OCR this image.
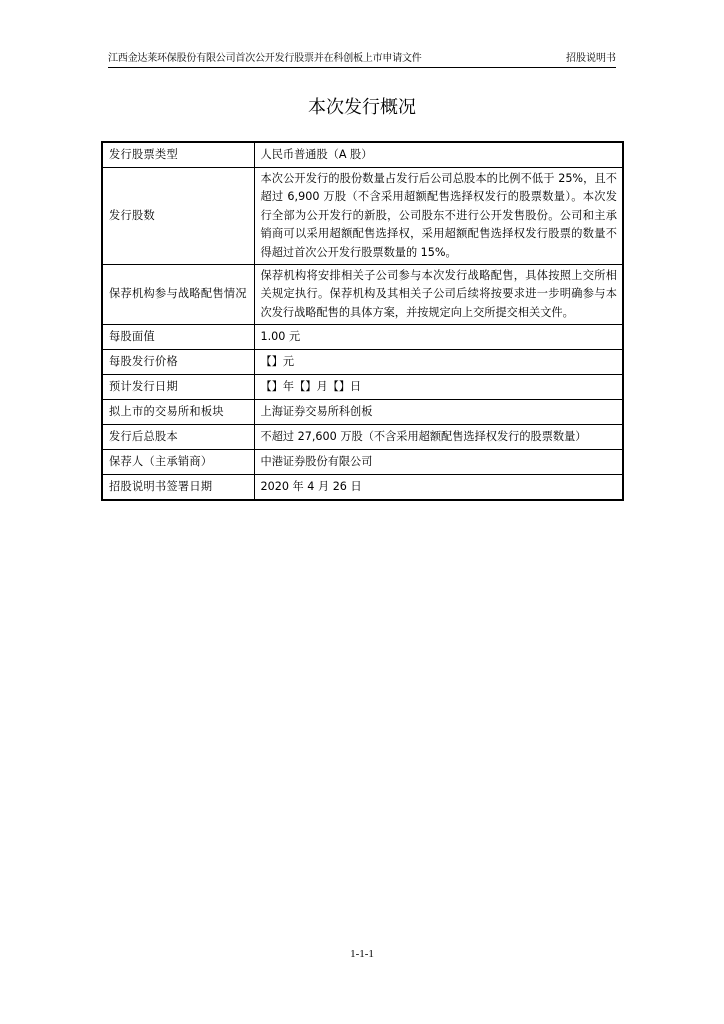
江西金达莱环保股份有限公司首次公开发行股票并在科创板上市申请文件	招股说明书
本次发行概况
发行股票类型	人民币普通股（A 股）
发行股数	本次公开发行的股份数量占发行后公司总股本的比例不低于 25%，且不超过 6,900 万股（不含采用超额配售选择权发行的股票数量）。本次发行全部为公开发行的新股，公司股东不进行公开发售股份。公司和主承销商可以采用超额配售选择权，采用超额配售选择权发行股票的数量不得超过首次公开发行股票数量的 15%。
保荐机构参与战略配售情况	保荐机构将安排相关子公司参与本次发行战略配售，具体按照上交所相关规定执行。保荐机构及其相关子公司后续将按要求进一步明确参与本次发行战略配售的具体方案，并按规定向上交所提交相关文件。
每股面值	1.00 元
每股发行价格	【】元
预计发行日期	【】年【】月【】日
拟上市的交易所和板块	上海证券交易所科创板
发行后总股本	不超过 27,600 万股（不含采用超额配售选择权发行的股票数量）
保荐人（主承销商）	中港证券股份有限公司
招股说明书签署日期	2020 年 4 月 26 日
1-1-1
